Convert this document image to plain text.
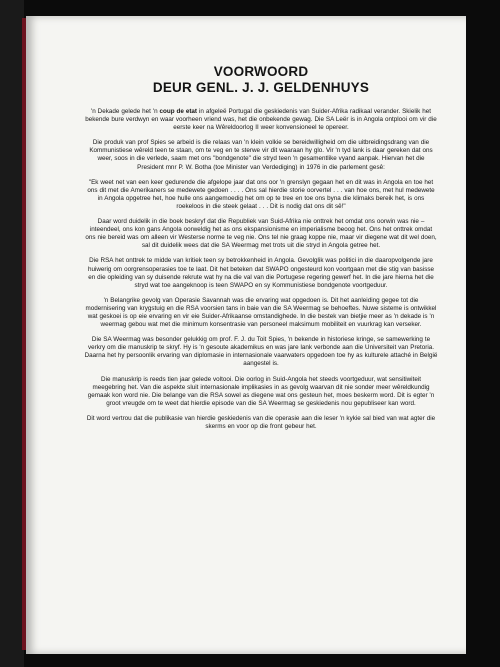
VOORWOORD
DEUR GENL. J. J. GELDENHUYS

'n Dekade gelede het 'n coup de etat in afgeleë Portugal die geskiedenis van Suider-Afrika radikaal verander. Skielik het bekende bure verdwyn en waar voorheen vriend was, het die onbekende gewag. Die SA Leër is in Angola ontplooi om vir die eerste keer na Wêreldoorlog II weer konvensioneel te opereer.

Die produk van prof Spies se arbeid is die relaas van 'n klein volkie se bereidwilligheid om die uitbreidingsdrang van die Kommunistiese wêreld teen te staan, om te veg en te sterwe vir dit waaraan hy glo. Vir 'n tyd lank is daar gereken dat ons weer, soos in die verlede, saam met ons "bondgenote" die stryd teen 'n gesamentlike vyand aanpak. Hiervan het die President mnr P. W. Botha (toe Minister van Verdediging) in 1976 in die parlement gesê:

"Ek weet net van een keer gedurende die afgelope jaar dat ons oor 'n grenslyn gegaan het en dit was in Angola en toe het ons dit met die Amerikaners se medewete gedoen . . . . Ons sal hierdie storie oorvertel . . . van hoe ons, met hul medewete in Angola opgetree het, hoe hulle ons aangemoedig het om op te tree en toe ons byna die klimaks bereik het, is ons roekeloos in die steek gelaat . . . Dit is nodig dat ons dit sê!"

Daar word duidelik in die boek beskryf dat die Republiek van Suid-Afrika nie onttrek het omdat ons oorwin was nie – inteendeel, ons kon gans Angola oorweldig het as ons ekspansionisme en imperialisme beoog het. Ons het onttrek omdat ons nie bereid was om alleen vir Westerse norme te veg nie. Ons tel nie graag koppe nie, maar vir diegene wat dit wel doen, sal dit duidelik wees dat die SA Weermag met trots uit die stryd in Angola getree het.

Die RSA het onttrek te midde van kritiek teen sy betrokkenheid in Angola. Gevolglik was politici in die daaropvolgende jare huiwerig om oorgrensoperasies toe te laat. Dit het beteken dat SWAPO ongesteurd kon voortgaan met die stig van basisse en die opleiding van sy duisende rekrute wat hy na die val van die Portugese regering gewerf het. In die jare hierna het die stryd wat toe aangeknoop is teen SWAPO en sy Kommunistiese bondgenote voortgeduur.

'n Belangrike gevolg van Operasie Savannah was die ervaring wat opgedoen is. Dit het aanleiding gegee tot die modernisering van krygstuig en die RSA voorsien tans in baie van die SA Weermag se behoeftes. Nuwe sisteme is ontwikkel wat geskoei is op eie ervaring en vir eie Suider-Afrikaanse omstandighede. In die bestek van bietjie meer as 'n dekade is 'n weermag gebou wat met die minimum konsentrasie van personeel maksimum mobiliteit en vuurkrag kan verseker.

Die SA Weermag was besonder gelukkig om prof. F. J. du Toit Spies, 'n bekende in historiese kringe, se samewerking te verkry om die manuskrip te skryf. Hy is 'n gesoute akademikus en was jare lank verbonde aan die Universiteit van Pretoria. Daarna het hy persoonlik ervaring van diplomasie in internasionale vaarwaters opgedoen toe hy as kulturele attaché in België aangestel is.

Die manuskrip is reeds tien jaar gelede voltooi. Die oorlog in Suid-Angola het steeds voortgeduur, wat sensitiwiteit meegebring het. Van die aspekte sluit internasionale implikasies in as gevolg waarvan dit nie sonder meer wêreldkundig gemaak kon word nie. Die belange van die RSA sowel as diegene wat ons gesteun het, moes beskerm word. Dit is egter 'n groot vreugde om te weet dat hierdie episode van die SA Weermag se geskiedenis nou gepubliseer kan word.

Dit word vertrou dat die publikasie van hierdie geskiedenis van die operasie aan die leser 'n kykie sal bied van wat agter die skerms en voor op die front gebeur het.
